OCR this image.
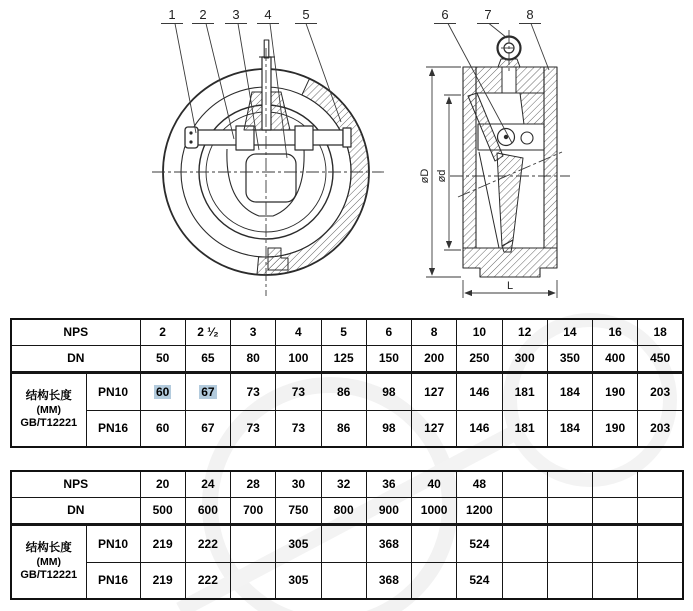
1 2 3 4 5	6	7	8
øD ød
L
NPS		2	2 ¹⁄₂	3	4	5	6	8	10	12	14	16	18
DN		50	65	80	100	125	150	200	250	300	350	400	450

结构长度
(MM)
GB/T12221	PN10	60	67	73	73	86	98	127	146	181	184	190	203
	PN16	60	67	73	73	86	98	127	146	181	184	190	203
NPS		20	24	28	30	32	36	40	48				
DN		500	600	700	750	800	900	1000	1200				

结构长度
(MM)
GB/T12221	PN10	219	222		305		368		524				
	PN16	219	222		305		368		524				
